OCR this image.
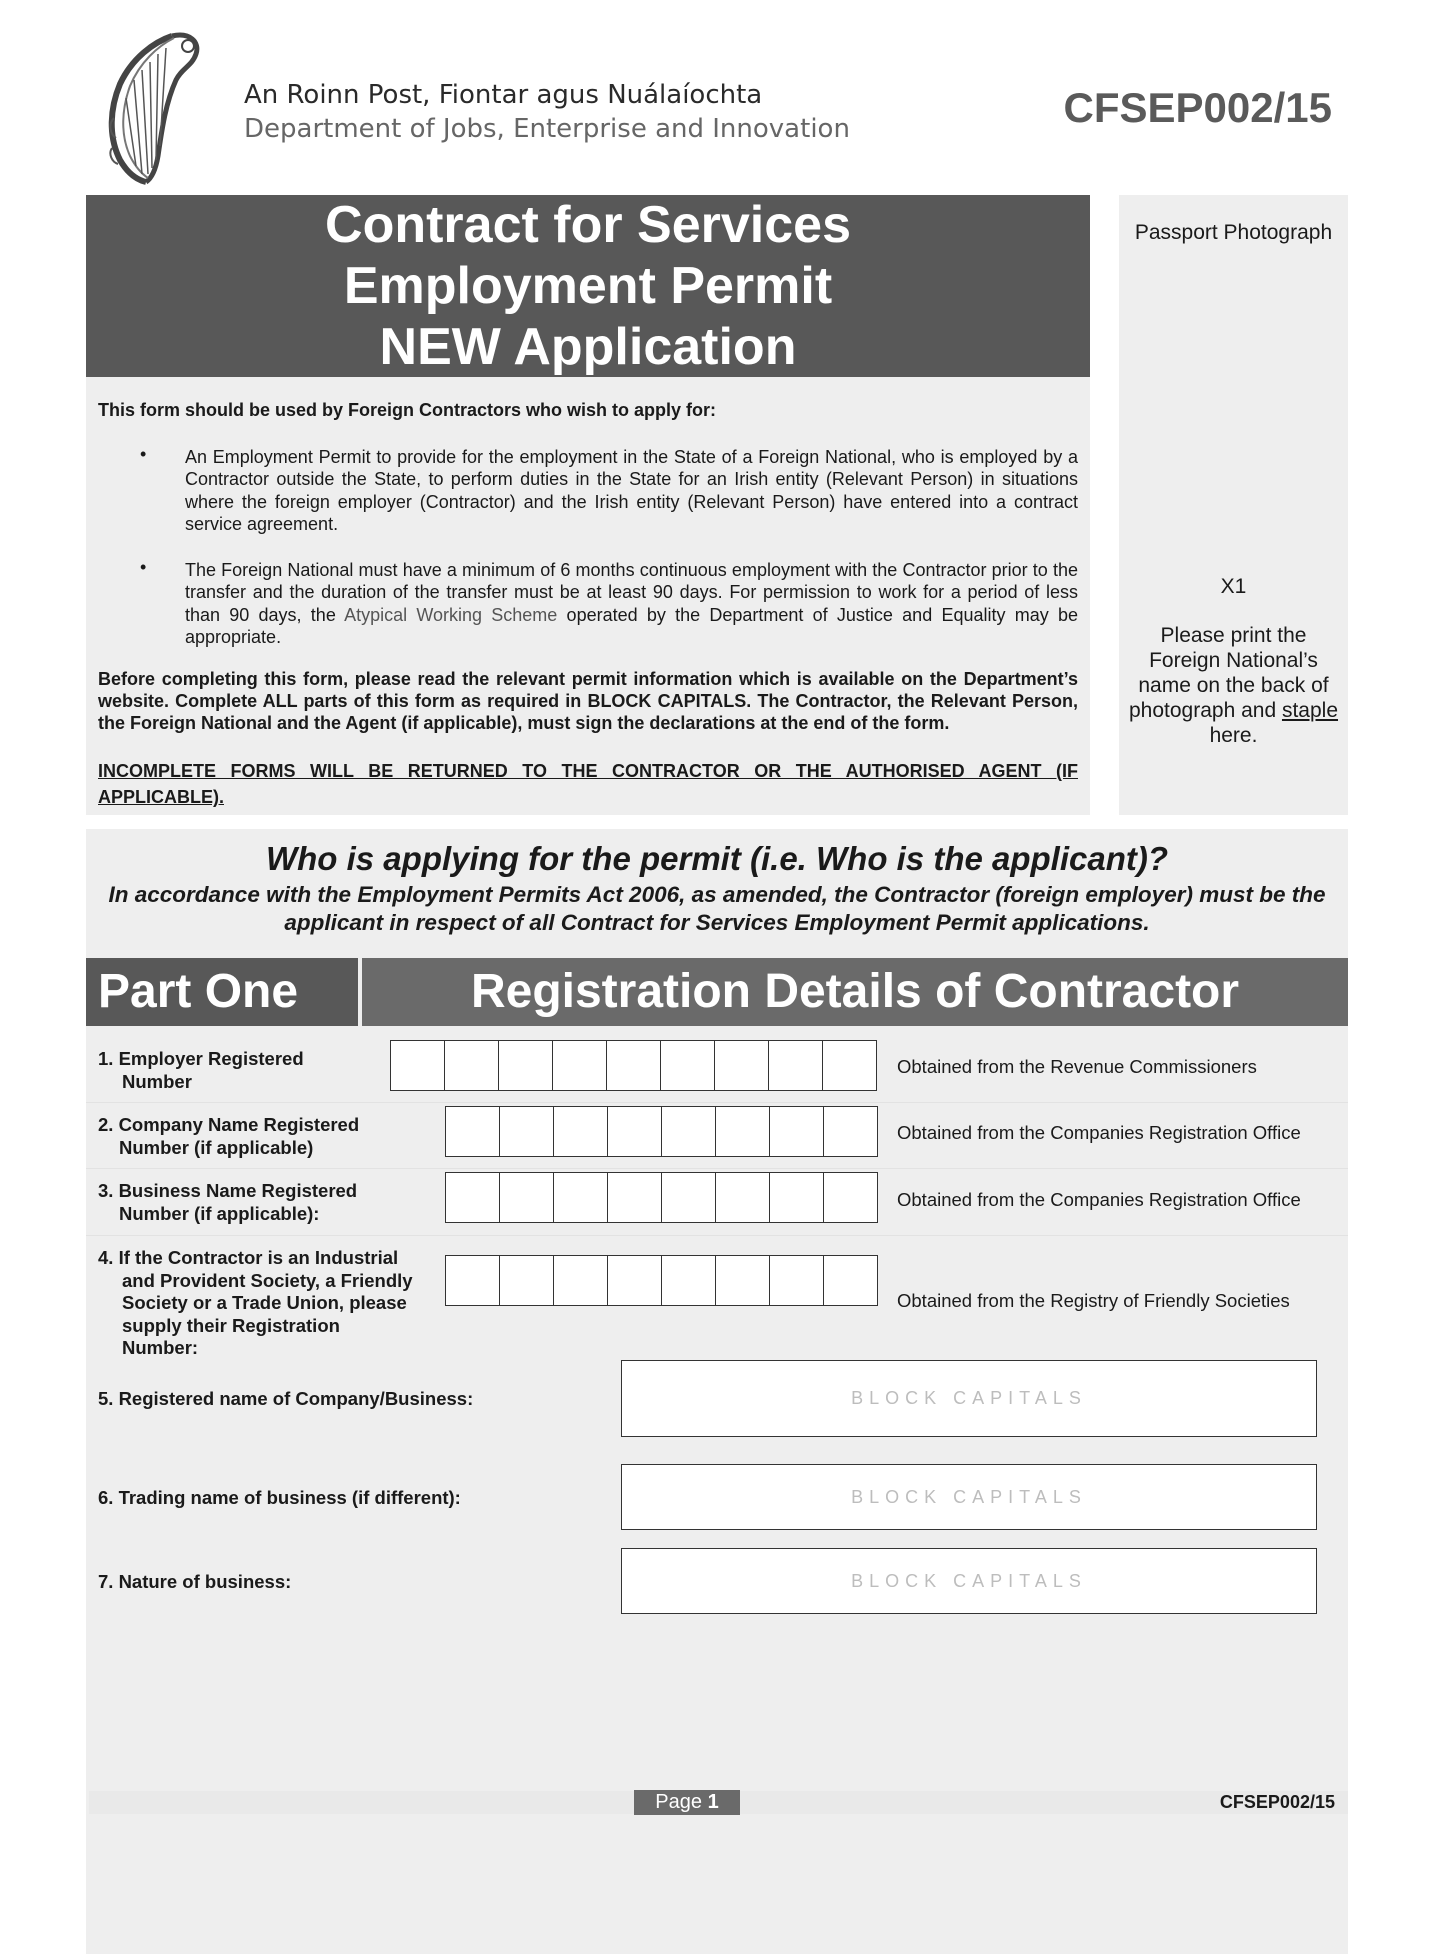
An Roinn Post, Fiontar agus Nuálaíochta
Department of Jobs, Enterprise and Innovation	CFSEP002/15
Contract for Services
Employment Permit
NEW Application
Passport Photograph
X1
Please print the Foreign National’s name on the back of photograph and staple here.
This form should be used by Foreign Contractors who wish to apply for:
• An Employment Permit to provide for the employment in the State of a Foreign National, who is employed by a Contractor outside the State, to perform duties in the State for an Irish entity (Relevant Person) in situations where the foreign employer (Contractor) and the Irish entity (Relevant Person) have entered into a contract service agreement.
• The Foreign National must have a minimum of 6 months continuous employment with the Contractor prior to the transfer and the duration of the transfer must be at least 90 days. For permission to work for a period of less than 90 days, the Atypical Working Scheme operated by the Department of Justice and Equality may be appropriate.
Before completing this form, please read the relevant permit information which is available on the Department’s website. Complete ALL parts of this form as required in BLOCK CAPITALS. The Contractor, the Relevant Person, the Foreign National and the Agent (if applicable), must sign the declarations at the end of the form.
INCOMPLETE FORMS WILL BE RETURNED TO THE CONTRACTOR OR THE AUTHORISED AGENT (IF APPLICABLE).
Who is applying for the permit (i.e. Who is the applicant)?
In accordance with the Employment Permits Act 2006, as amended, the Contractor (foreign employer) must be the applicant in respect of all Contract for Services Employment Permit applications.
Part One	Registration Details of Contractor
1. Employer Registered
Number
Obtained from the Revenue Commissioners
2. Company Name Registered
Number (if applicable)
Obtained from the Companies Registration Office
3. Business Name Registered
Number (if applicable):
Obtained from the Companies Registration Office
4. If the Contractor is an Industrial
and Provident Society, a Friendly
Society or a Trade Union, please
supply their Registration
Number:
Obtained from the Registry of Friendly Societies
5. Registered name of Company/Business:	BLOCK CAPITALS
6. Trading name of business (if different):	BLOCK CAPITALS
7. Nature of business:	BLOCK CAPITALS
Page 1	CFSEP002/15
